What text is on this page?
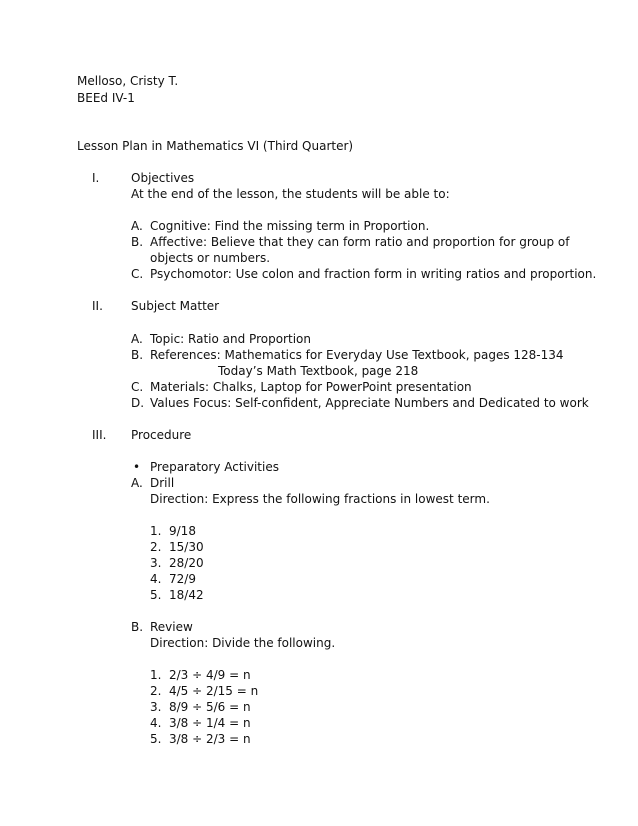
Melloso, Cristy T.
BEEd IV-1
Lesson Plan in Mathematics VI (Third Quarter)
I.	Objectives
At the end of the lesson, the students will be able to:
A. Cognitive: Find the missing term in Proportion.
B. Affective: Believe that they can form ratio and proportion for group of
objects or numbers.
C. Psychomotor: Use colon and fraction form in writing ratios and proportion.
II. Subject Matter
A. Topic: Ratio and Proportion
B. References: Mathematics for Everyday Use Textbook, pages 128-134
Today’s Math Textbook, page 218
C. Materials: Chalks, Laptop for PowerPoint presentation
D. Values Focus: Self-confident, Appreciate Numbers and Dedicated to work
III. Procedure
• Preparatory Activities
A. Drill
Direction: Express the following fractions in lowest term.
1. 9/18
2. 15/30
3. 28/20
4. 72/9
5. 18/42
B. Review
Direction: Divide the following.
1. 2/3 ÷ 4/9 = n
2. 4/5 ÷ 2/15 = n
3. 8/9 ÷ 5/6 = n
4. 3/8 ÷ 1/4 = n
5. 3/8 ÷ 2/3 = n
